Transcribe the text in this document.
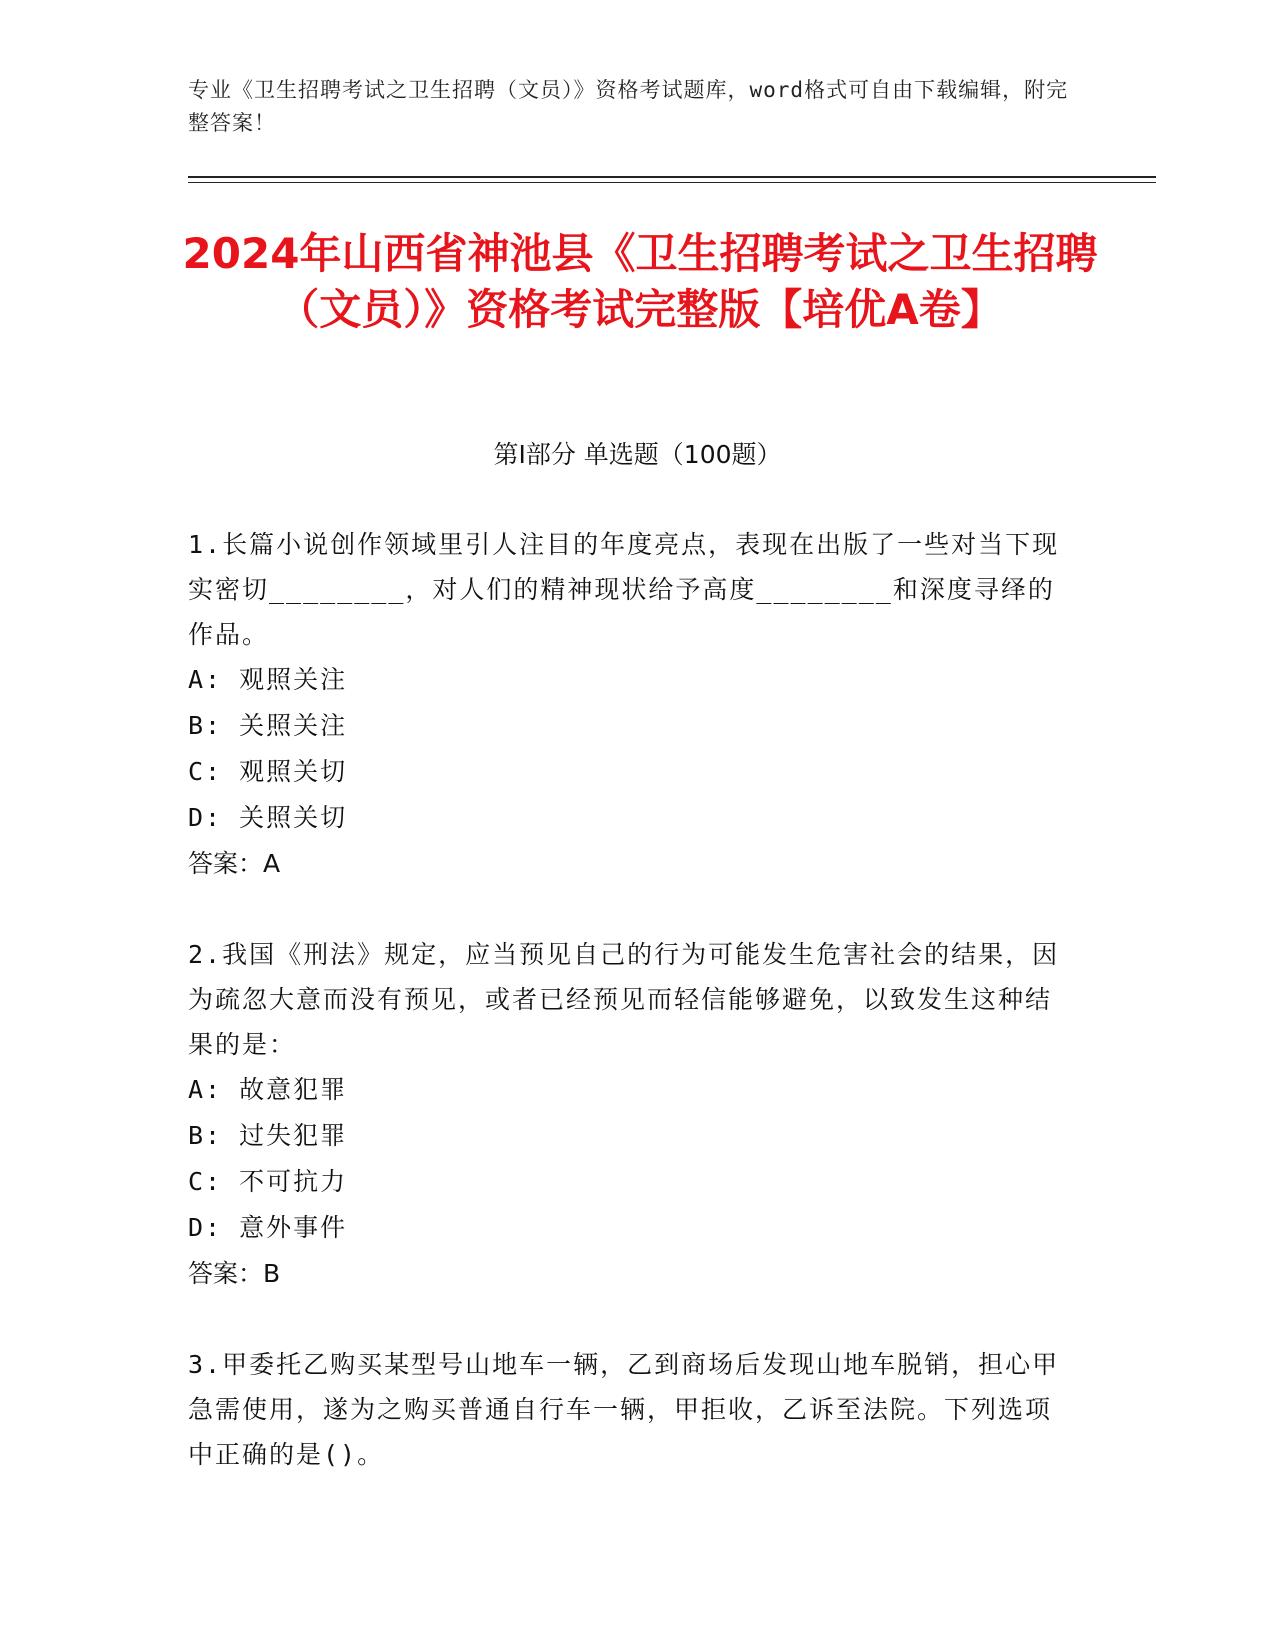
专业《卫生招聘考试之卫生招聘（文员）》资格考试题库，word格式可自由下载编辑，附完整答案！
2024年山西省神池县《卫生招聘考试之卫生招聘（文员）》资格考试完整版【培优A卷】
第I部分 单选题（100题）

1.长篇小说创作领域里引人注目的年度亮点，表现在出版了一些对当下现实密切________，对人们的精神现状给予高度________和深度寻绎的作品。

A: 观照关注
B: 关照关注
C: 观照关切
D: 关照关切

答案：A

2.我国《刑法》规定，应当预见自己的行为可能发生危害社会的结果，因为疏忽大意而没有预见，或者已经预见而轻信能够避免，以致发生这种结果的是：

A: 故意犯罪
B: 过失犯罪
C: 不可抗力
D: 意外事件

答案：B

3.甲委托乙购买某型号山地车一辆，乙到商场后发现山地车脱销，担心甲急需使用，遂为之购买普通自行车一辆，甲拒收，乙诉至法院。下列选项中正确的是()。
